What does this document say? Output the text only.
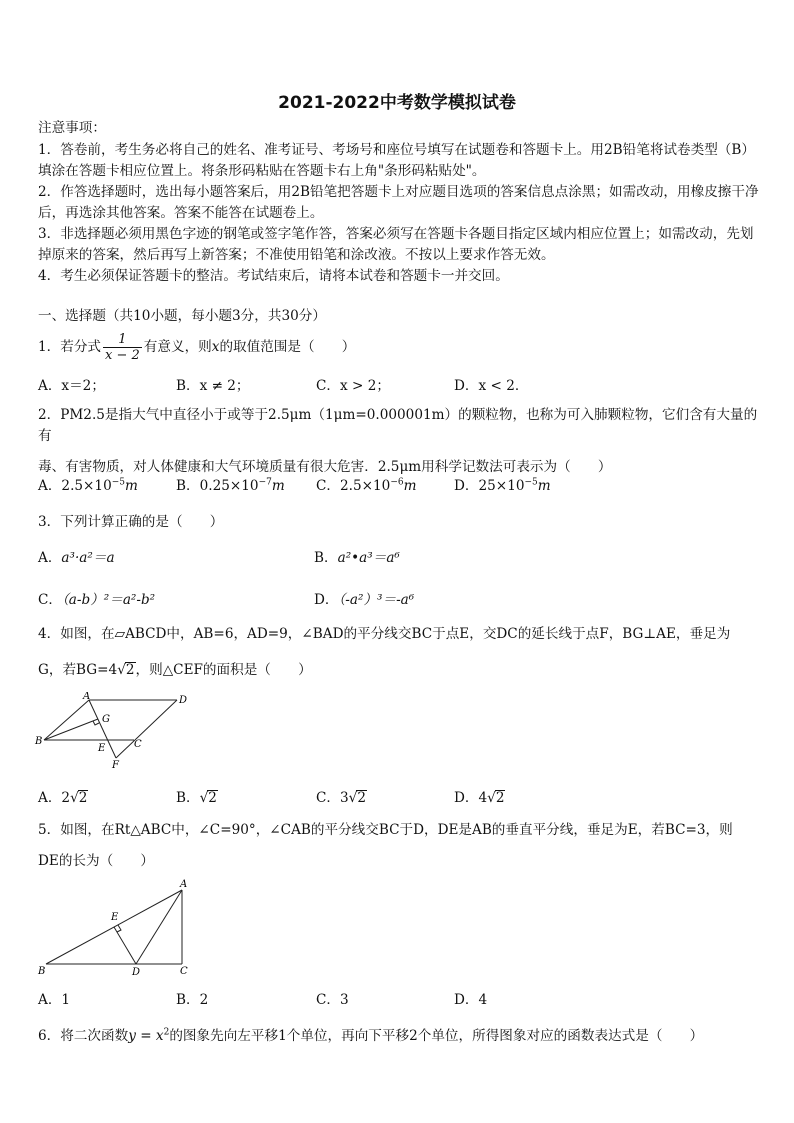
2021-2022中考数学模拟试卷
注意事项：
1．答卷前，考生务必将自己的姓名、准考证号、考场号和座位号填写在试题卷和答题卡上。用2B铅笔将试卷类型（B）填涂在答题卡相应位置上。将条形码粘贴在答题卡右上角"条形码粘贴处"。
2．作答选择题时，选出每小题答案后，用2B铅笔把答题卡上对应题目选项的答案信息点涂黑；如需改动，用橡皮擦干净后，再选涂其他答案。答案不能答在试题卷上。
3．非选择题必须用黑色字迹的钢笔或签字笔作答，答案必须写在答题卡各题目指定区域内相应位置上；如需改动，先划掉原来的答案，然后再写上新答案；不准使用铅笔和涂改液。不按以上要求作答无效。
4．考生必须保证答题卡的整洁。考试结束后，请将本试卷和答题卡一并交回。
一、选择题（共10小题，每小题3分，共30分）
1．若分式 $\frac{1}{x - 2}$ 有意义，则x的取值范围是（　　）
A．x＝2；	B．x ≠ 2；	C．x > 2；	D．x < 2．
2．PM2.5是指大气中直径小于或等于2.5μm（1μm=0.000001m）的颗粒物，也称为可入肺颗粒物，它们含有大量的有
毒、有害物质，对人体健康和大气环境质量有很大危害．2.5μm用科学记数法可表示为（　　）
A．$2.5\times 10^{-5}m$	B．$0.25\times 10^{-7}m$ C．$2.5\times 10^{-6}m$	D．$25\times 10^{-5}m$
3．下列计算正确的是（　　）
A．a³·a²＝a	B．a²•a³＝a⁶
C．（a-b）²＝a²-b²	D．（-a²）³＝-a⁶
4．如图，在▱ABCD中，AB=6，AD=9，∠BAD的平分线交BC于点E，交DC的延长线于点F，BG⊥AE，垂足为
G，若BG=4√2，则△CEF的面积是（　　）
A	D
G
B
E	C
F
A．2√2	B．√2	C．3√2	D．4√2
5．如图，在Rt△ABC中，∠C=90°，∠CAB的平分线交BC于D，DE是AB的垂直平分线，垂足为E，若BC=3，则
DE的长为（　　）
A
E
B	D	C
A．1	B．2	C．3	D．4
6．将二次函数$y = x^2$的图象先向左平移1个单位，再向下平移2个单位，所得图象对应的函数表达式是（　　）
